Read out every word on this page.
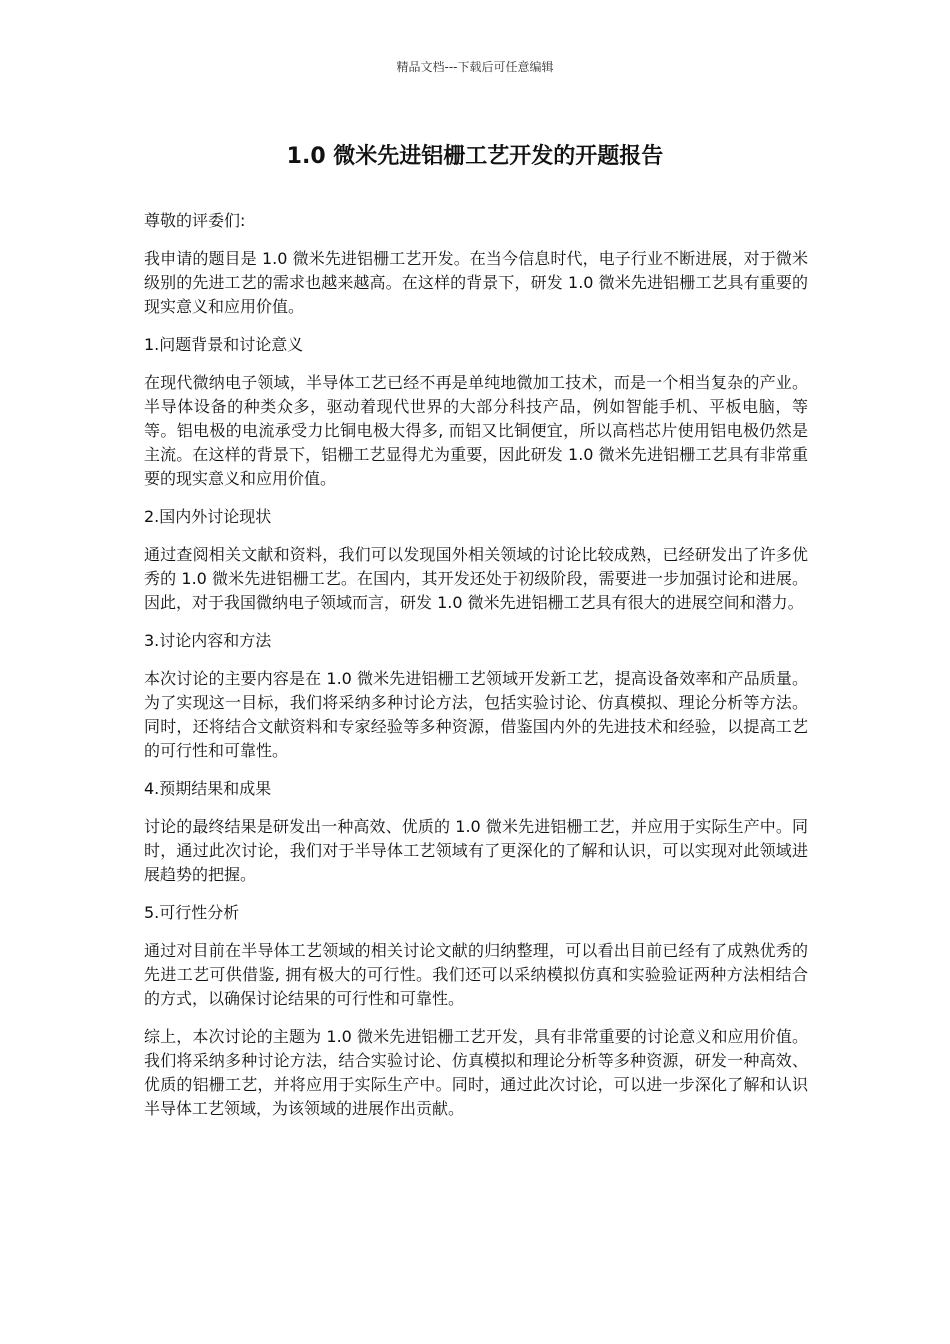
精品文档---下载后可任意编辑
1.0 微米先进铝栅工艺开发的开题报告

尊敬的评委们:

我申请的题目是 1.0 微米先进铝栅工艺开发。在当今信息时代，电子行业不断进展，对于微米级别的先进工艺的需求也越来越高。在这样的背景下，研发 1.0 微米先进铝栅工艺具有重要的现实意义和应用价值。

1.问题背景和讨论意义

在现代微纳电子领域，半导体工艺已经不再是单纯地微加工技术，而是一个相当复杂的产业。半导体设备的种类众多，驱动着现代世界的大部分科技产品，例如智能手机、平板电脑，等等。铝电极的电流承受力比铜电极大得多, 而铝又比铜便宜，所以高档芯片使用铝电极仍然是主流。在这样的背景下，铝栅工艺显得尤为重要，因此研发 1.0 微米先进铝栅工艺具有非常重要的现实意义和应用价值。

2.国内外讨论现状

通过查阅相关文献和资料，我们可以发现国外相关领域的讨论比较成熟，已经研发出了许多优秀的 1.0 微米先进铝栅工艺。在国内，其开发还处于初级阶段，需要进一步加强讨论和进展。因此，对于我国微纳电子领域而言，研发 1.0 微米先进铝栅工艺具有很大的进展空间和潜力。

3.讨论内容和方法

本次讨论的主要内容是在 1.0 微米先进铝栅工艺领域开发新工艺，提高设备效率和产品质量。为了实现这一目标，我们将采纳多种讨论方法，包括实验讨论、仿真模拟、理论分析等方法。同时，还将结合文献资料和专家经验等多种资源，借鉴国内外的先进技术和经验，以提高工艺的可行性和可靠性。

4.预期结果和成果

讨论的最终结果是研发出一种高效、优质的 1.0 微米先进铝栅工艺，并应用于实际生产中。同时，通过此次讨论，我们对于半导体工艺领域有了更深化的了解和认识，可以实现对此领域进展趋势的把握。

5.可行性分析

通过对目前在半导体工艺领域的相关讨论文献的归纳整理，可以看出目前已经有了成熟优秀的先进工艺可供借鉴, 拥有极大的可行性。我们还可以采纳模拟仿真和实验验证两种方法相结合的方式，以确保讨论结果的可行性和可靠性。

综上，本次讨论的主题为 1.0 微米先进铝栅工艺开发，具有非常重要的讨论意义和应用价值。我们将采纳多种讨论方法，结合实验讨论、仿真模拟和理论分析等多种资源，研发一种高效、优质的铝栅工艺，并将应用于实际生产中。同时，通过此次讨论，可以进一步深化了解和认识半导体工艺领域，为该领域的进展作出贡献。
